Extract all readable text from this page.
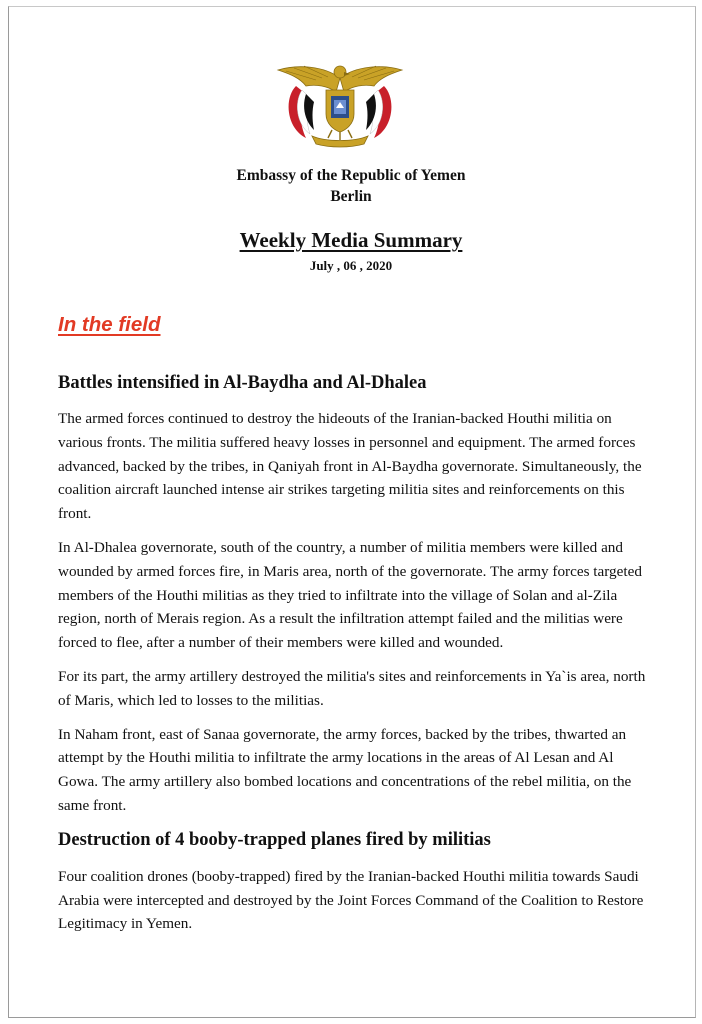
Embassy of the Republic of Yemen
Berlin
Weekly Media Summary
July , 06 , 2020
In the field
Battles intensified in Al-Baydha and Al-Dhalea

The armed forces continued to destroy the hideouts of the Iranian-backed Houthi militia on various fronts. The militia suffered heavy losses in personnel and equipment. The armed forces advanced, backed by the tribes, in Qaniyah front in Al-Baydha governorate. Simultaneously, the coalition aircraft launched intense air strikes targeting militia sites and reinforcements on this front.

In Al-Dhalea governorate, south of the country, a number of militia members were killed and wounded by armed forces fire, in Maris area, north of the governorate. The army forces targeted members of the Houthi militias as they tried to infiltrate into the village of Solan and al-Zila region, north of Merais region. As a result the infiltration attempt failed and the militias were forced to flee, after a number of their members were killed and wounded.

For its part, the army artillery destroyed the militia's sites and reinforcements in Ya`is area, north of Maris, which led to losses to the militias.

In Naham front, east of Sanaa governorate, the army forces, backed by the tribes, thwarted an attempt by the Houthi militia to infiltrate the army locations in the areas of Al Lesan and Al Gowa. The army artillery also bombed locations and concentrations of the rebel militia, on the same front.

Destruction of 4 booby-trapped planes fired by militias

Four coalition drones (booby-trapped) fired by the Iranian-backed Houthi militia towards Saudi Arabia were intercepted and destroyed by the Joint Forces Command of the Coalition to Restore Legitimacy in Yemen.
